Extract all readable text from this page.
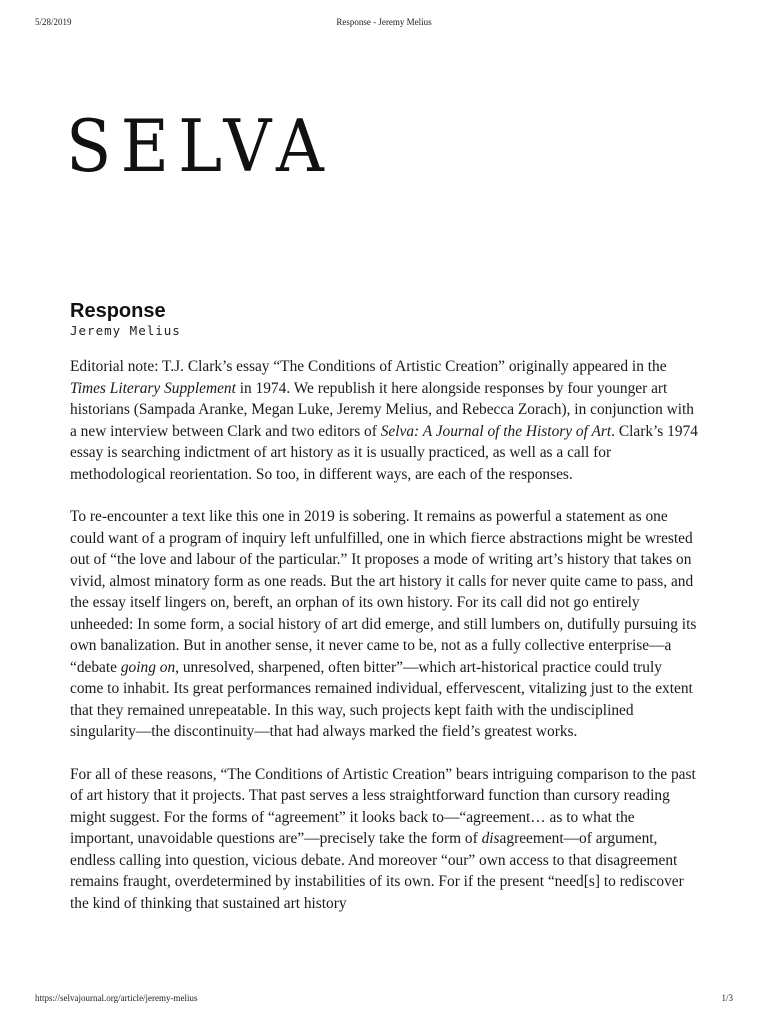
5/28/2019	Response - Jeremy Melius
SELVA
Response
Jeremy Melius

Editorial note: T.J. Clark’s essay “The Conditions of Artistic Creation” originally appeared in the Times Literary Supplement in 1974. We republish it here alongside responses by four younger art historians (Sampada Aranke, Megan Luke, Jeremy Melius, and Rebecca Zorach), in conjunction with a new interview between Clark and two editors of Selva: A Journal of the History of Art. Clark’s 1974 essay is searching indictment of art history as it is usually practiced, as well as a call for methodological reorientation. So too, in different ways, are each of the responses.

To re-encounter a text like this one in 2019 is sobering. It remains as powerful a statement as one could want of a program of inquiry left unfulfilled, one in which fierce abstractions might be wrested out of “the love and labour of the particular.” It proposes a mode of writing art’s history that takes on vivid, almost minatory form as one reads. But the art history it calls for never quite came to pass, and the essay itself lingers on, bereft, an orphan of its own history. For its call did not go entirely unheeded: In some form, a social history of art did emerge, and still lumbers on, dutifully pursuing its own banalization. But in another sense, it never came to be, not as a fully collective enterprise—a “debate going on, unresolved, sharpened, often bitter”—which art-historical practice could truly come to inhabit. Its great performances remained individual, effervescent, vitalizing just to the extent that they remained unrepeatable. In this way, such projects kept faith with the undisciplined singularity—the discontinuity—that had always marked the field’s greatest works.

For all of these reasons, “The Conditions of Artistic Creation” bears intriguing comparison to the past of art history that it projects. That past serves a less straightforward function than cursory reading might suggest. For the forms of “agreement” it looks back to—“agreement… as to what the important, unavoidable questions are”—precisely take the form of disagreement—of argument, endless calling into question, vicious debate. And moreover “our” own access to that disagreement remains fraught, overdetermined by instabilities of its own. For if the present “need[s] to rediscover the kind of thinking that sustained art history

https://selvajournal.org/article/jeremy-melius	1/3
